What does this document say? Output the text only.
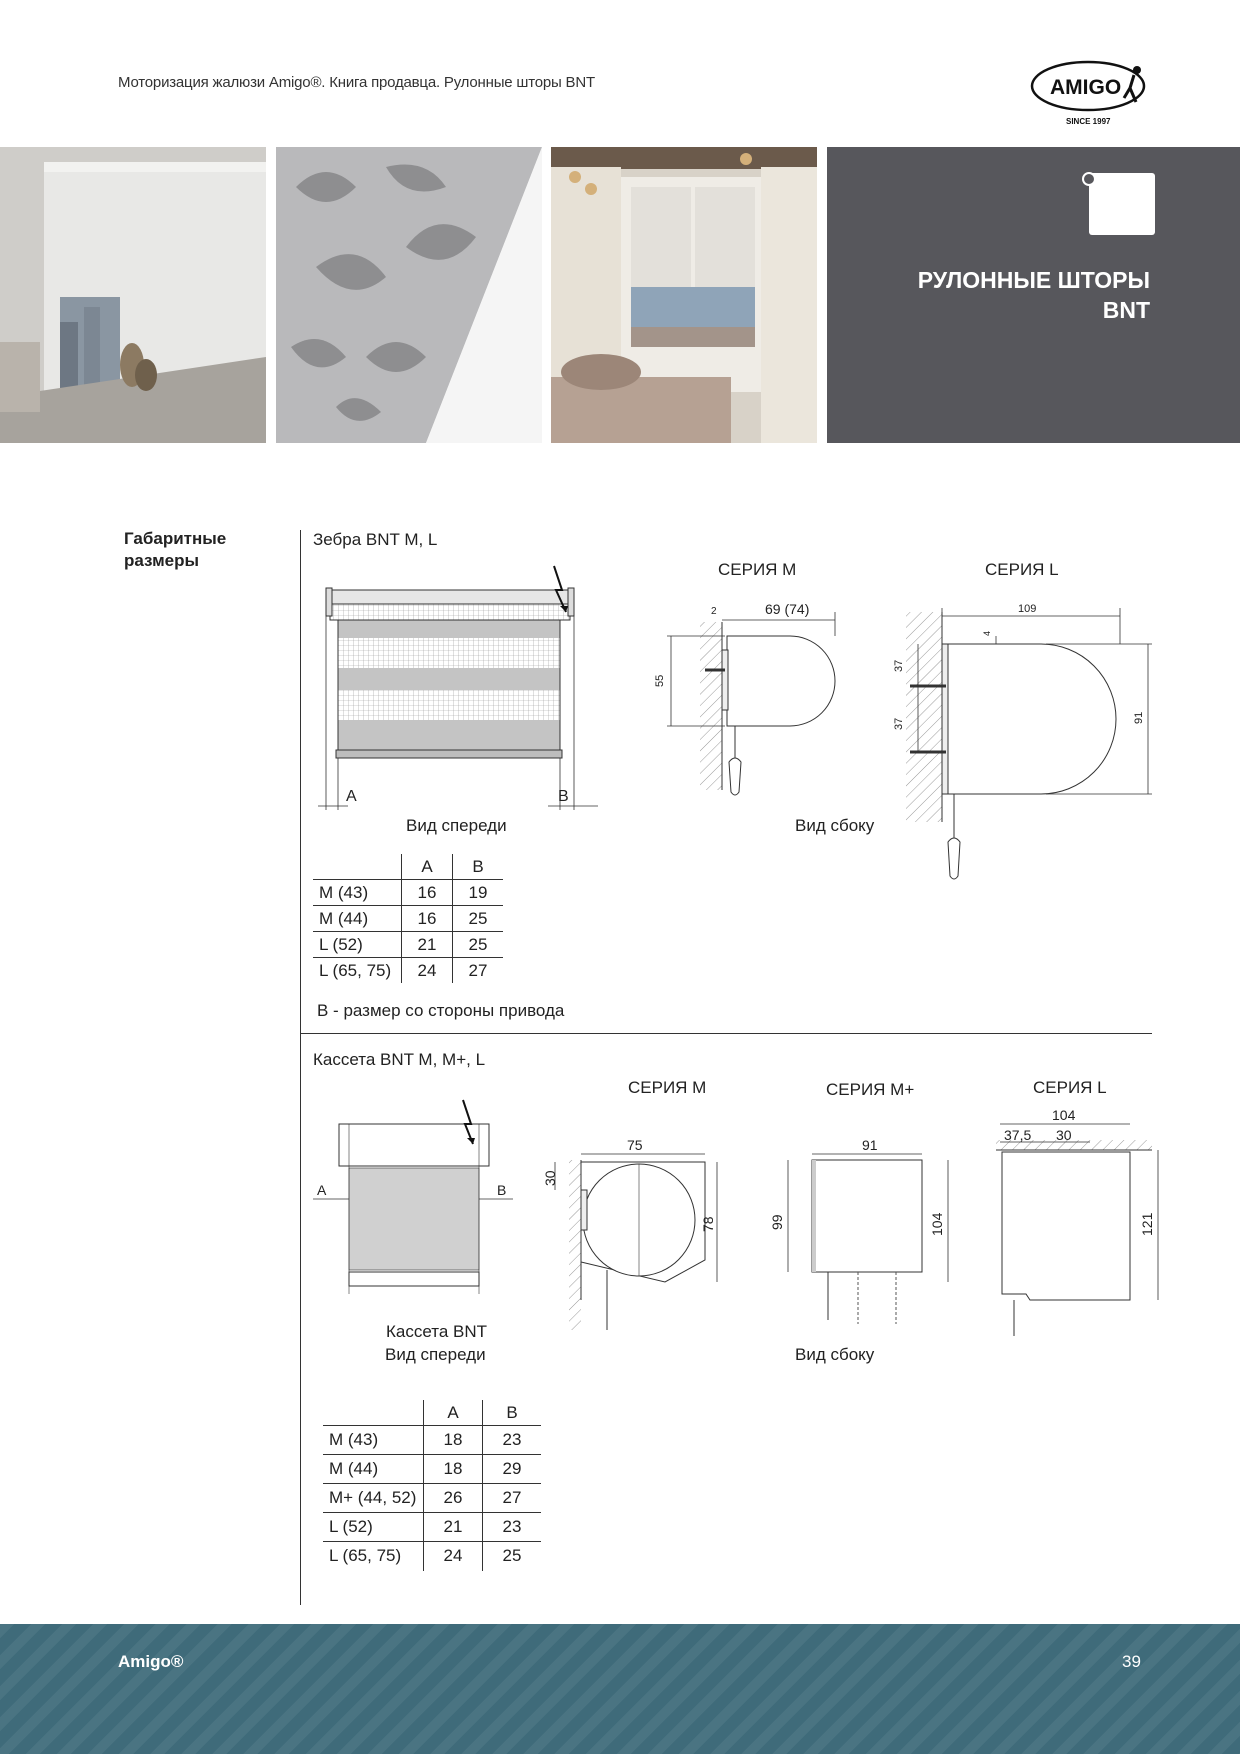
Моторизация жалюзи Amigo®. Книга продавца. Рулонные шторы BNT	AMIGO
SINCE 1997
РУЛОННЫЕ ШТОРЫ
BNT
Габаритные
размеры
Зебра BNT M, L
СЕРИЯ M	СЕРИЯ L
A	B
Вид спереди
2	69 (74)
55
109
4
37
37	91
Вид сбоку
	A	B
M (43)	16	19
M (44)	16	25
L (52)	21	25
L (65, 75)	24	27
B - размер со стороны привода
Кассета BNT M, M+, L
СЕРИЯ M	СЕРИЯ M+	СЕРИЯ L
A	B
Кассета BNT
Вид спереди
75
30
78
91
99	104
104
37,5 30
121
Вид сбоку
	A	B
M (43)	18	23
M (44)	18	29
M+ (44, 52)	26	27
L (52)	21	23
L (65, 75)	24	25
Amigo®	39
